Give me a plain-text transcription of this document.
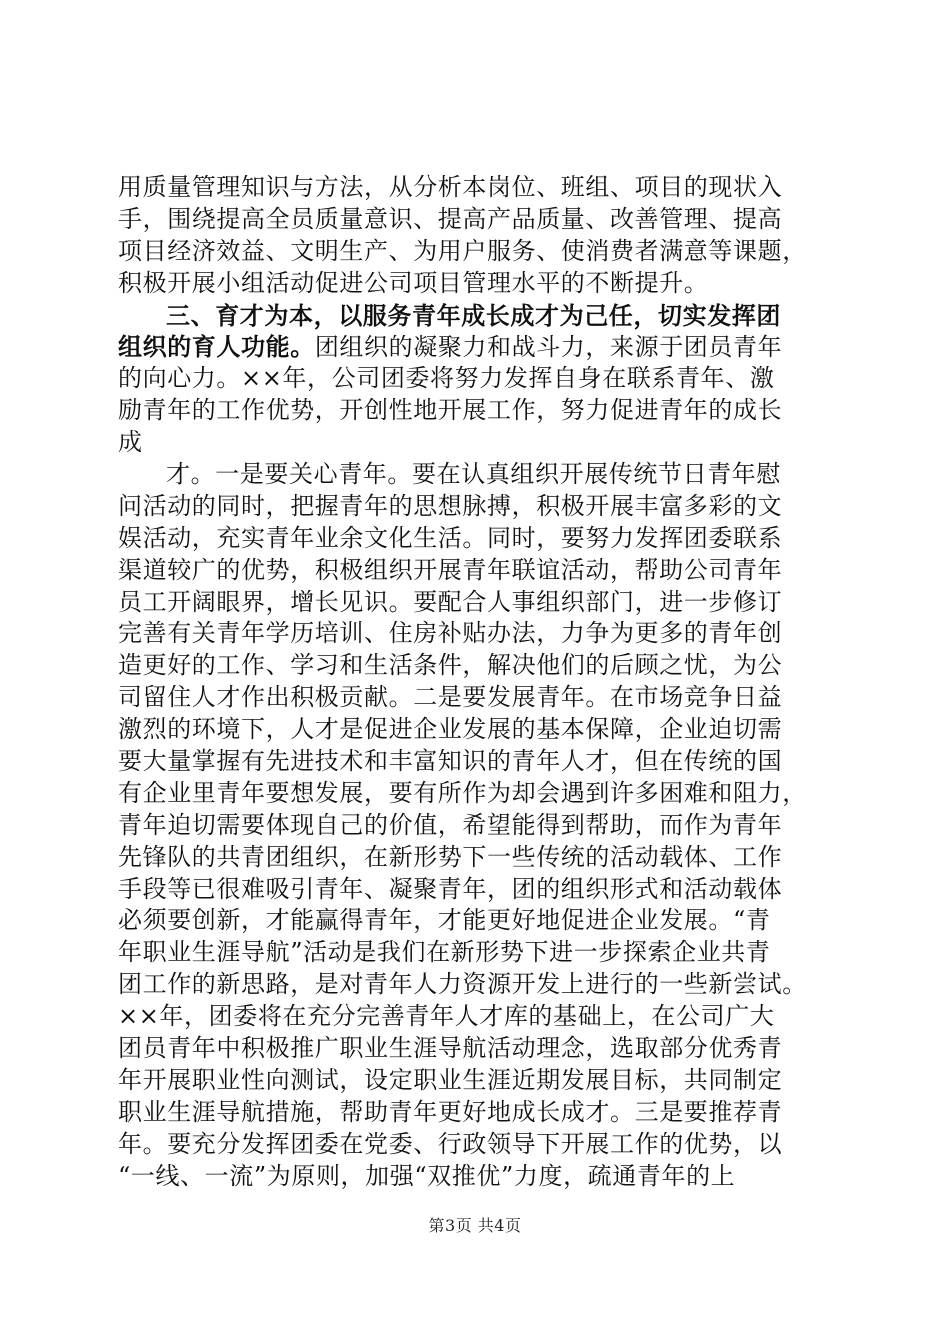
用质量管理知识与方法，从分析本岗位、班组、项目的现状入
手，围绕提高全员质量意识、提高产品质量、改善管理、提高
项目经济效益、文明生产、为用户服务、使消费者满意等课题，
积极开展小组活动促进公司项目管理水平的不断提升。
三、育才为本，以服务青年成长成才为己任，切实发挥团
组织的育人功能。团组织的凝聚力和战斗力，来源于团员青年
的向心力。××年，公司团委将努力发挥自身在联系青年、激
励青年的工作优势，开创性地开展工作，努力促进青年的成长
成
才。一是要关心青年。要在认真组织开展传统节日青年慰
问活动的同时，把握青年的思想脉搏，积极开展丰富多彩的文
娱活动，充实青年业余文化生活。同时，要努力发挥团委联系
渠道较广的优势，积极组织开展青年联谊活动，帮助公司青年
员工开阔眼界，增长见识。要配合人事组织部门，进一步修订
完善有关青年学历培训、住房补贴办法，力争为更多的青年创
造更好的工作、学习和生活条件，解决他们的后顾之忧，为公
司留住人才作出积极贡献。二是要发展青年。在市场竞争日益
激烈的环境下，人才是促进企业发展的基本保障，企业迫切需
要大量掌握有先进技术和丰富知识的青年人才，但在传统的国
有企业里青年要想发展，要有所作为却会遇到许多困难和阻力，
青年迫切需要体现自己的价值，希望能得到帮助，而作为青年
先锋队的共青团组织，在新形势下一些传统的活动载体、工作
手段等已很难吸引青年、凝聚青年，团的组织形式和活动载体
必须要创新，才能赢得青年，才能更好地促进企业发展。“青
年职业生涯导航”活动是我们在新形势下进一步探索企业共青
团工作的新思路，是对青年人力资源开发上进行的一些新尝试。
××年，团委将在充分完善青年人才库的基础上，在公司广大
团员青年中积极推广职业生涯导航活动理念，选取部分优秀青
年开展职业性向测试，设定职业生涯近期发展目标，共同制定
职业生涯导航措施，帮助青年更好地成长成才。三是要推荐青
年。要充分发挥团委在党委、行政领导下开展工作的优势，以
“一线、一流”为原则，加强“双推优”力度，疏通青年的上
第3页 共4页
